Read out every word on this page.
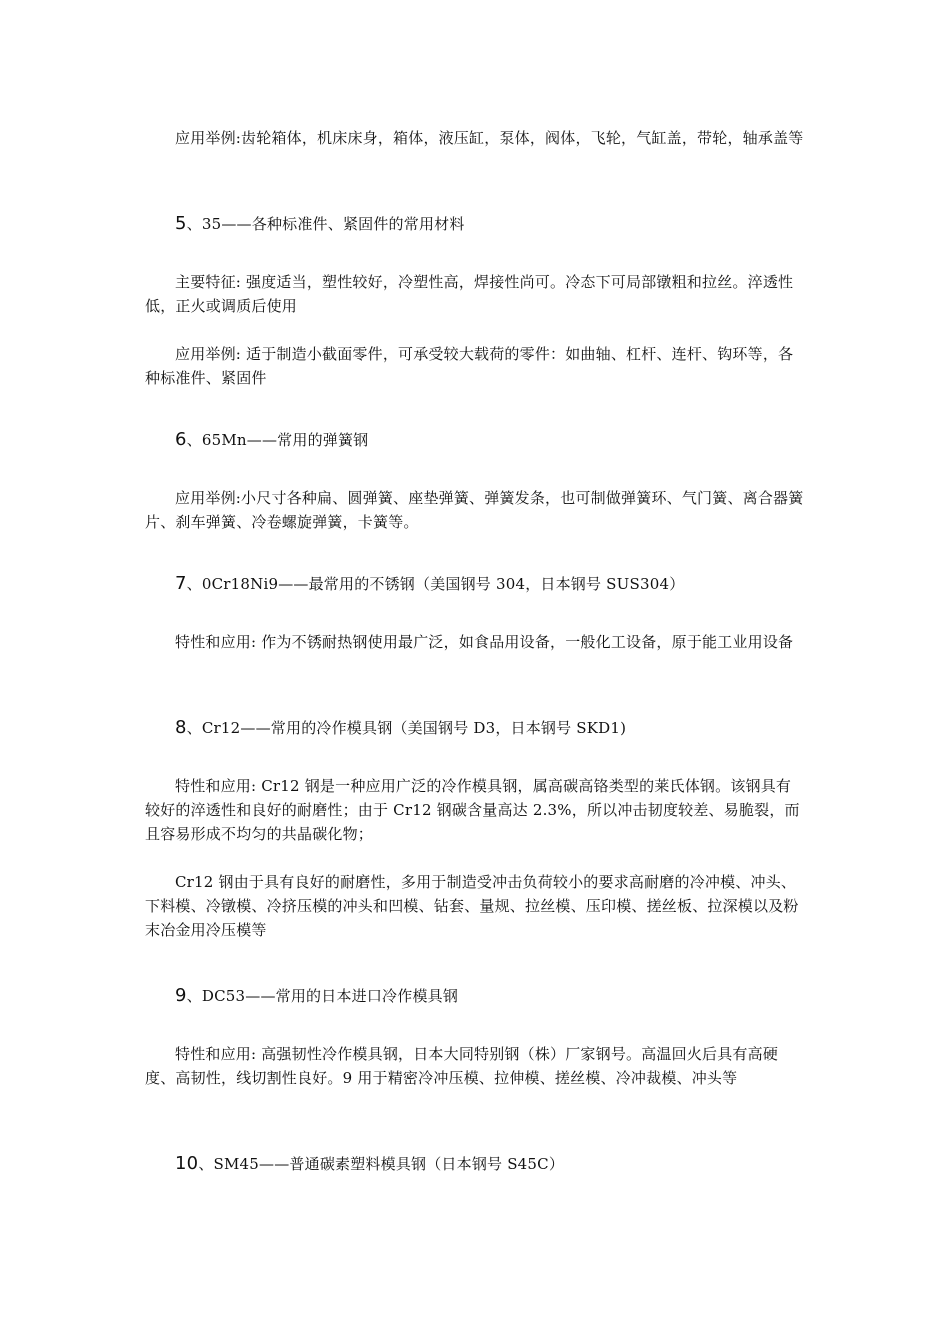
应用举例:齿轮箱体，机床床身，箱体，液压缸，泵体，阀体，飞轮，气缸盖，带轮，轴承盖等
5、35——各种标准件、紧固件的常用材料
主要特征: 强度适当，塑性较好，冷塑性高，焊接性尚可。冷态下可局部镦粗和拉丝。淬透性低，正火或调质后使用
应用举例: 适于制造小截面零件，可承受较大载荷的零件：如曲轴、杠杆、连杆、钩环等，各种标准件、紧固件
6、65Mn——常用的弹簧钢
应用举例:小尺寸各种扁、圆弹簧、座垫弹簧、弹簧发条，也可制做弹簧环、气门簧、离合器簧片、刹车弹簧、冷卷螺旋弹簧，卡簧等。
7、0Cr18Ni9——最常用的不锈钢（美国钢号 304，日本钢号 SUS304）
特性和应用: 作为不锈耐热钢使用最广泛，如食品用设备，一般化工设备，原于能工业用设备
8、Cr12——常用的冷作模具钢（美国钢号 D3，日本钢号 SKD1)
特性和应用: Cr12 钢是一种应用广泛的冷作模具钢，属高碳高铬类型的莱氏体钢。该钢具有较好的淬透性和良好的耐磨性；由于 Cr12 钢碳含量高达 2.3%，所以冲击韧度较差、易脆裂，而且容易形成不均匀的共晶碳化物；
Cr12 钢由于具有良好的耐磨性，多用于制造受冲击负荷较小的要求高耐磨的冷冲模、冲头、下料模、冷镦模、冷挤压模的冲头和凹模、钻套、量规、拉丝模、压印模、搓丝板、拉深模以及粉末冶金用冷压模等
9、DC53——常用的日本进口冷作模具钢
特性和应用: 高强韧性冷作模具钢，日本大同特别钢（株）厂家钢号。高温回火后具有高硬度、高韧性，线切割性良好。9 用于精密冷冲压模、拉伸模、搓丝模、冷冲裁模、冲头等
10、SM45——普通碳素塑料模具钢（日本钢号 S45C）
